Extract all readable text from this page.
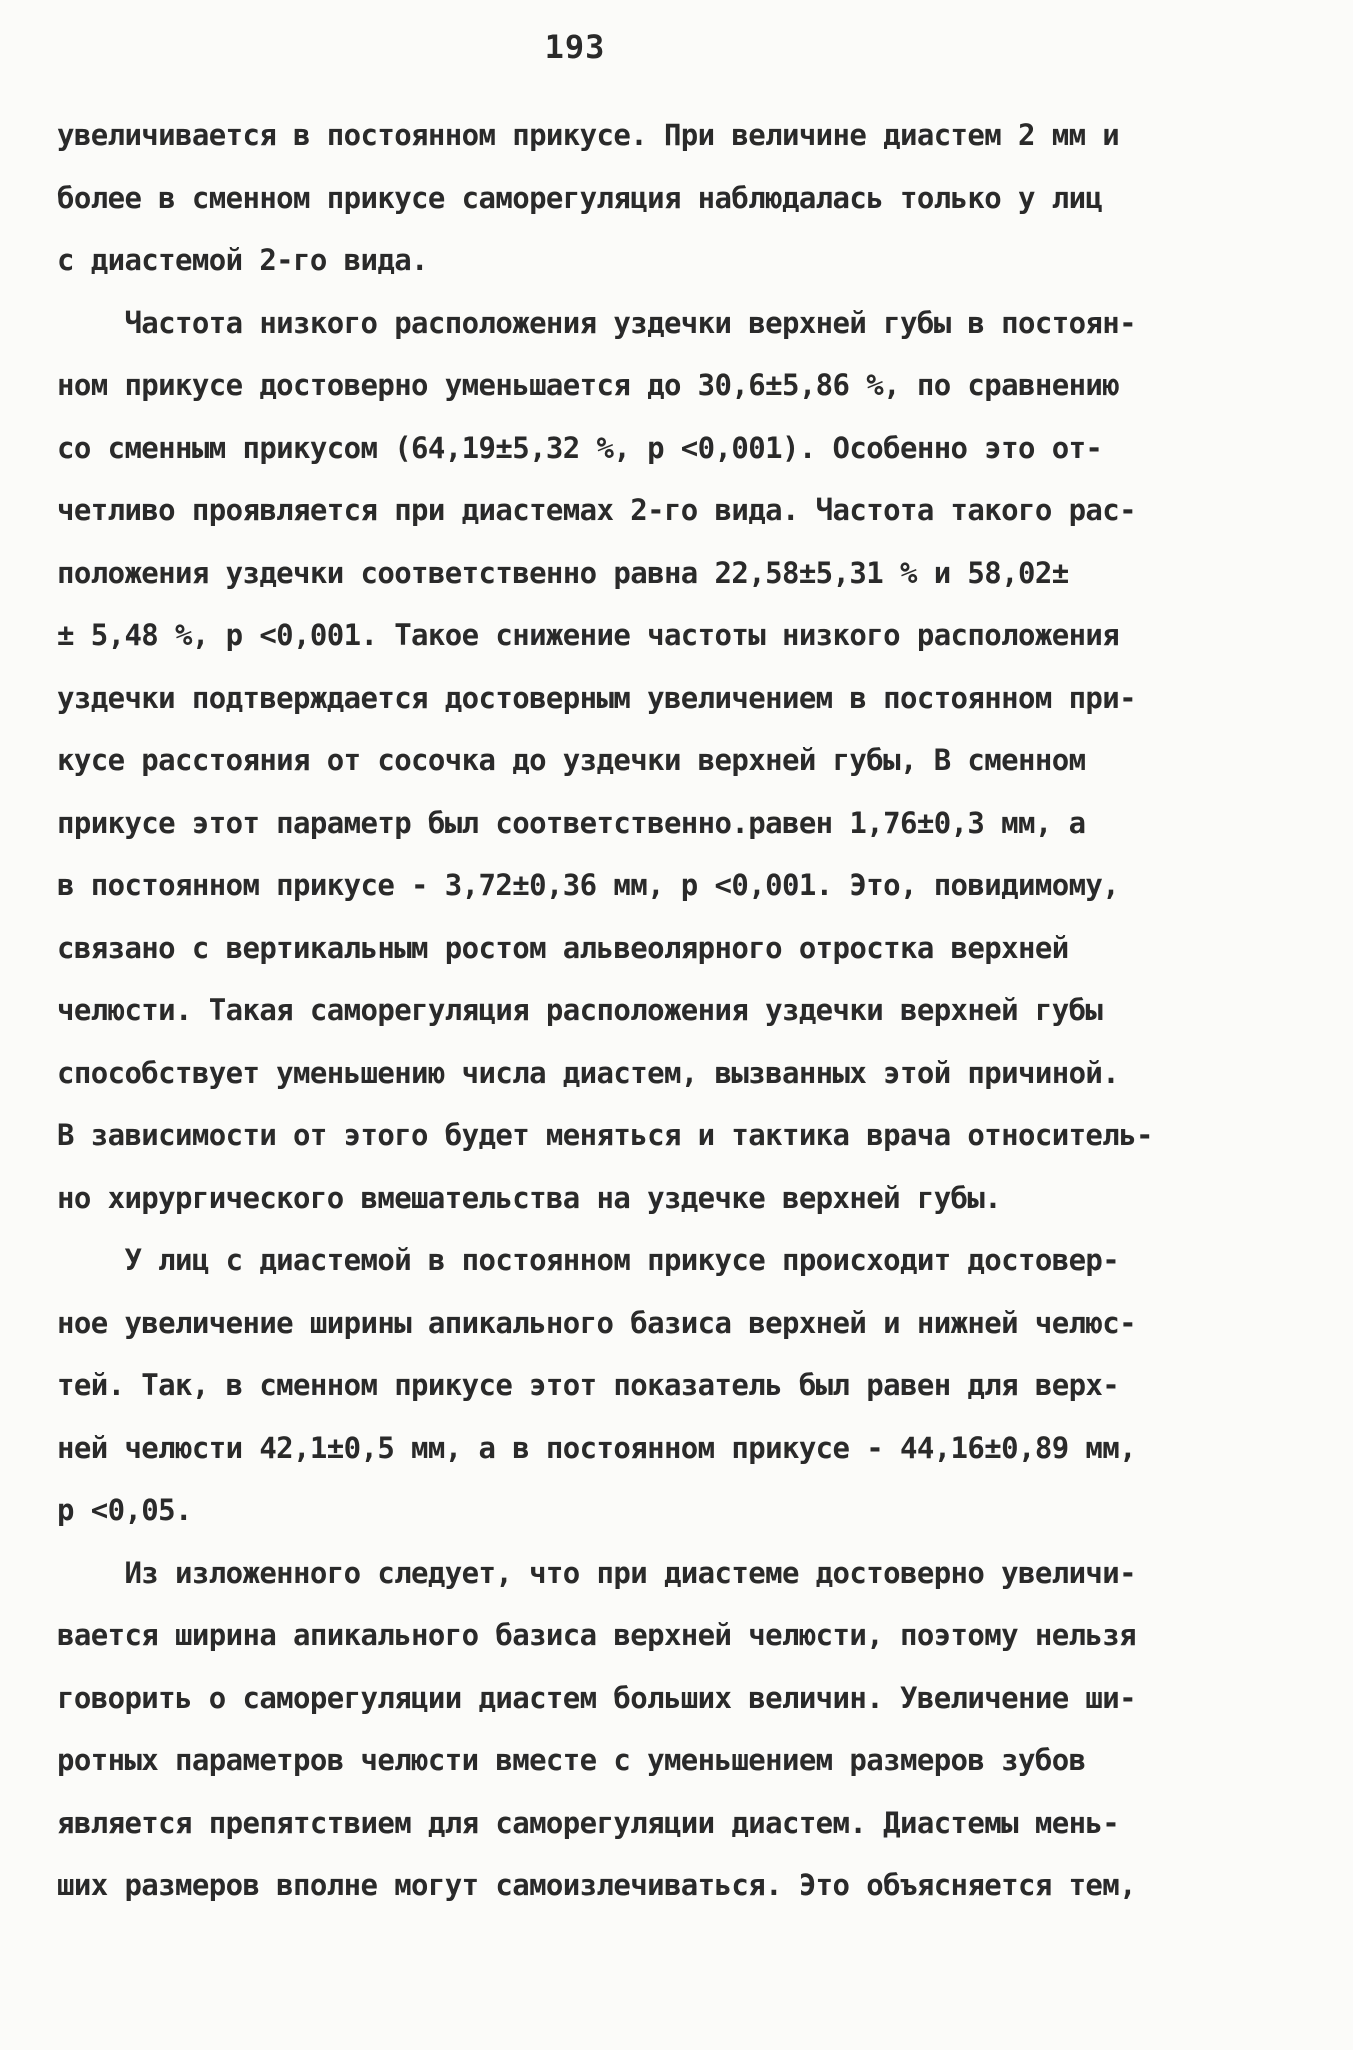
193
увеличивается в постоянном прикусе. При величине диастем 2 мм и
более в сменном прикусе саморегуляция наблюдалась только у лиц
с диастемой 2-го вида.
Частота низкого расположения уздечки верхней губы в постоян-
ном прикусе достоверно уменьшается до 30,6±5,86 %, по сравнению
со сменным прикусом (64,19±5,32 %, р <0,001). Особенно это от-
четливо проявляется при диастемах 2-го вида. Частота такого рас-
положения уздечки соответственно равна 22,58±5,31 % и 58,02±
± 5,48 %, р <0,001. Такое снижение частоты низкого расположения
уздечки подтверждается достоверным увеличением в постоянном при-
кусе расстояния от сосочка до уздечки верхней губы, В сменном
прикусе этот параметр был соответственно.равен 1,76±0,3 мм, а
в постоянном прикусе - 3,72±0,36 мм, р <0,001. Это, повидимому,
связано с вертикальным ростом альвеолярного отростка верхней
челюсти. Такая саморегуляция расположения уздечки верхней губы
способствует уменьшению числа диастем, вызванных этой причиной.
В зависимости от этого будет меняться и тактика врача относитель-
но хирургического вмешательства на уздечке верхней губы.
У лиц с диастемой в постоянном прикусе происходит достовер-
ное увеличение ширины апикального базиса верхней и нижней челюс-
тей. Так, в сменном прикусе этот показатель был равен для верх-
ней челюсти 42,1±0,5 мм, а в постоянном прикусе - 44,16±0,89 мм,
р <0,05.
Из изложенного следует, что при диастеме достоверно увеличи-
вается ширина апикального базиса верхней челюсти, поэтому нельзя
говорить о саморегуляции диастем больших величин. Увеличение ши-
ротных параметров челюсти вместе с уменьшением размеров зубов
является препятствием для саморегуляции диастем. Диастемы мень-
ших размеров вполне могут самоизлечиваться. Это объясняется тем,
